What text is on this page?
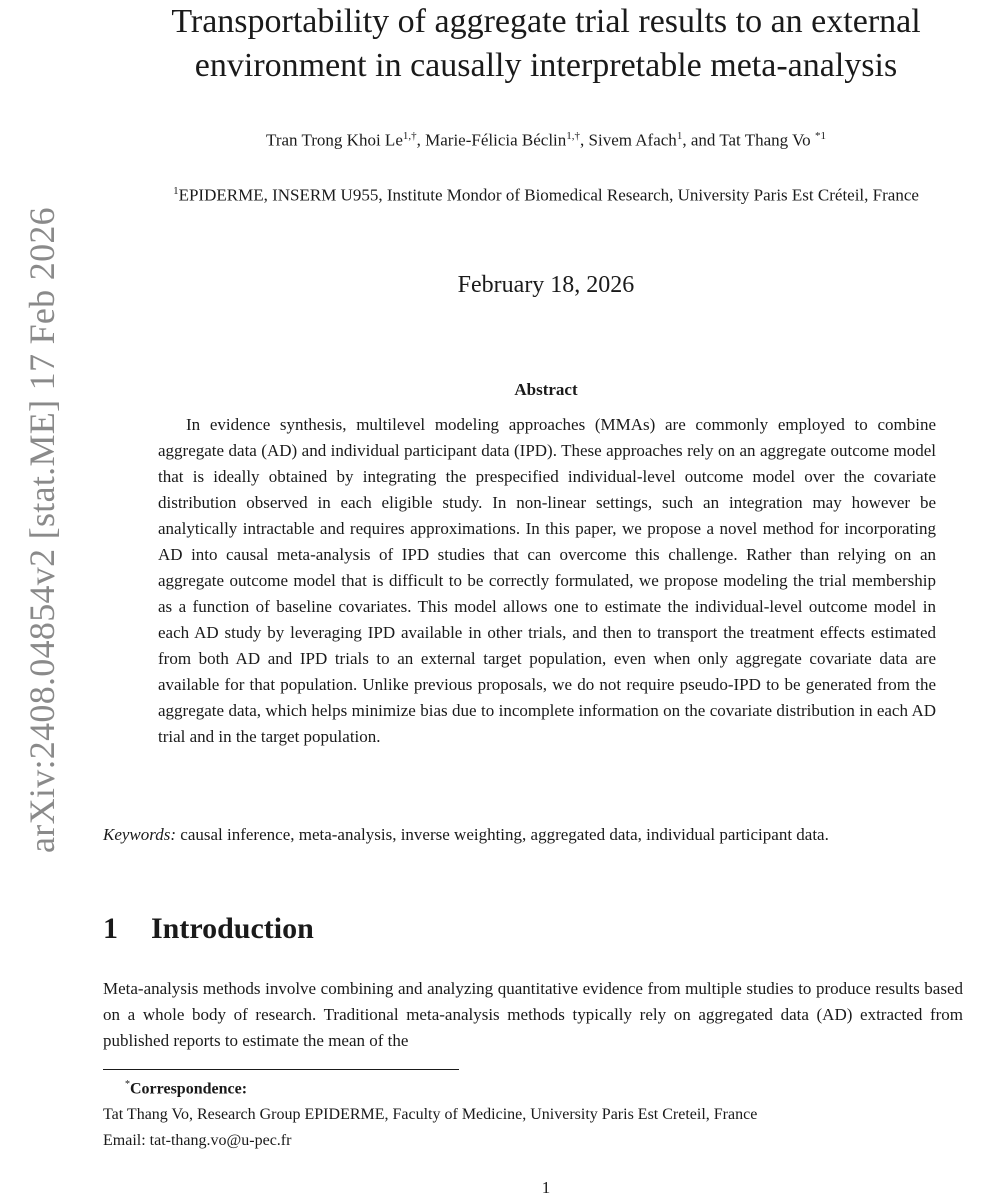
arXiv:2408.04854v2 [stat.ME] 17 Feb 2026
Transportability of aggregate trial results to an external environment in causally interpretable meta-analysis
Tran Trong Khoi $Le^{1,\dagger}$, Marie-Félicia Béclin$^{1,\dagger}$, Sivem Afach$^1$, and Tat Thang Vo $^{*1}$
$^1$EPIDERME, INSERM U955, Institute Mondor of Biomedical Research, University Paris Est Créteil, France
February 18, 2026
Abstract
In evidence synthesis, multilevel modeling approaches (MMAs) are commonly employed to combine aggregate data (AD) and individual participant data (IPD). These approaches rely on an aggregate outcome model that is ideally obtained by integrating the prespecified individual-level outcome model over the covariate distribution observed in each eligible study. In non-linear settings, such an integration may however be analytically intractable and requires approximations. In this paper, we propose a novel method for incorporating AD into causal meta-analysis of IPD studies that can overcome this challenge. Rather than relying on an aggregate outcome model that is difficult to be correctly formulated, we propose modeling the trial membership as a function of baseline covariates. This model allows one to estimate the individual-level outcome model in each AD study by leveraging IPD available in other trials, and then to transport the treatment effects estimated from both AD and IPD trials to an external target population, even when only aggregate covariate data are available for that population. Unlike previous proposals, we do not require pseudo-IPD to be generated from the aggregate data, which helps minimize bias due to incomplete information on the covariate distribution in each AD trial and in the target population.
Keywords: causal inference, meta-analysis, inverse weighting, aggregated data, individual participant data.
1 Introduction
Meta-analysis methods involve combining and analyzing quantitative evidence from multiple studies to produce results based on a whole body of research. Traditional meta-analysis methods typically rely on aggregated data (AD) extracted from published reports to estimate the mean of the
*Correspondence:
Tat Thang Vo, Research Group EPIDERME, Faculty of Medicine, University Paris Est Creteil, France
Email: tat-thang.vo@u-pec.fr
1
